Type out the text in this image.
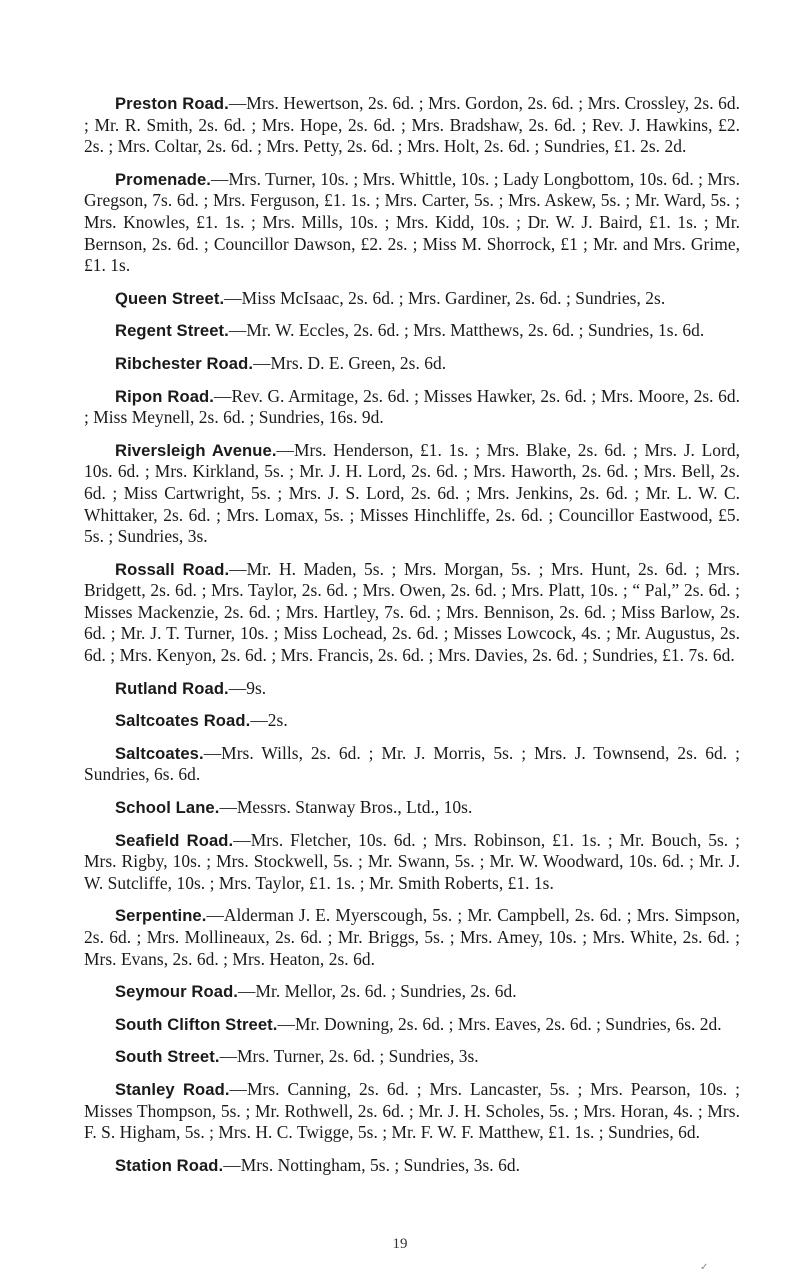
Preston Road.—Mrs. Hewertson, 2s. 6d. ; Mrs. Gordon, 2s. 6d. ; Mrs. Crossley, 2s. 6d. ; Mr. R. Smith, 2s. 6d. ; Mrs. Hope, 2s. 6d. ; Mrs. Bradshaw, 2s. 6d. ; Rev. J. Hawkins, £2. 2s. ; Mrs. Coltar, 2s. 6d. ; Mrs. Petty, 2s. 6d. ; Mrs. Holt, 2s. 6d. ; Sundries, £1. 2s. 2d.

Promenade.—Mrs. Turner, 10s. ; Mrs. Whittle, 10s. ; Lady Longbottom, 10s. 6d. ; Mrs. Gregson, 7s. 6d. ; Mrs. Ferguson, £1. 1s. ; Mrs. Carter, 5s. ; Mrs. Askew, 5s. ; Mr. Ward, 5s. ; Mrs. Knowles, £1. 1s. ; Mrs. Mills, 10s. ; Mrs. Kidd, 10s. ; Dr. W. J. Baird, £1. 1s. ; Mr. Bernson, 2s. 6d. ; Councillor Dawson, £2. 2s. ; Miss M. Shorrock, £1 ; Mr. and Mrs. Grime, £1. 1s.

Queen Street.—Miss McIsaac, 2s. 6d. ; Mrs. Gardiner, 2s. 6d. ; Sundries, 2s.

Regent Street.—Mr. W. Eccles, 2s. 6d. ; Mrs. Matthews, 2s. 6d. ; Sundries, 1s. 6d.

Ribchester Road.—Mrs. D. E. Green, 2s. 6d.

Ripon Road.—Rev. G. Armitage, 2s. 6d. ; Misses Hawker, 2s. 6d. ; Mrs. Moore, 2s. 6d. ; Miss Meynell, 2s. 6d. ; Sundries, 16s. 9d.

Riversleigh Avenue.—Mrs. Henderson, £1. 1s. ; Mrs. Blake, 2s. 6d. ; Mrs. J. Lord, 10s. 6d. ; Mrs. Kirkland, 5s. ; Mr. J. H. Lord, 2s. 6d. ; Mrs. Haworth, 2s. 6d. ; Mrs. Bell, 2s. 6d. ; Miss Cartwright, 5s. ; Mrs. J. S. Lord, 2s. 6d. ; Mrs. Jenkins, 2s. 6d. ; Mr. L. W. C. Whittaker, 2s. 6d. ; Mrs. Lomax, 5s. ; Misses Hinchliffe, 2s. 6d. ; Councillor Eastwood, £5. 5s. ; Sundries, 3s.

Rossall Road.—Mr. H. Maden, 5s. ; Mrs. Morgan, 5s. ; Mrs. Hunt, 2s. 6d. ; Mrs. Bridgett, 2s. 6d. ; Mrs. Taylor, 2s. 6d. ; Mrs. Owen, 2s. 6d. ; Mrs. Platt, 10s. ; “ Pal,” 2s. 6d. ; Misses Mackenzie, 2s. 6d. ; Mrs. Hartley, 7s. 6d. ; Mrs. Bennison, 2s. 6d. ; Miss Barlow, 2s. 6d. ; Mr. J. T. Turner, 10s. ; Miss Lochead, 2s. 6d. ; Misses Lowcock, 4s. ; Mr. Augustus, 2s. 6d. ; Mrs. Kenyon, 2s. 6d. ; Mrs. Francis, 2s. 6d. ; Mrs. Davies, 2s. 6d. ; Sundries, £1. 7s. 6d.

Rutland Road.—9s.

Saltcoates Road.—2s.

Saltcoates.—Mrs. Wills, 2s. 6d. ; Mr. J. Morris, 5s. ; Mrs. J. Townsend, 2s. 6d. ; Sundries, 6s. 6d.

School Lane.—Messrs. Stanway Bros., Ltd., 10s.

Seafield Road.—Mrs. Fletcher, 10s. 6d. ; Mrs. Robinson, £1. 1s. ; Mr. Bouch, 5s. ; Mrs. Rigby, 10s. ; Mrs. Stockwell, 5s. ; Mr. Swann, 5s. ; Mr. W. Woodward, 10s. 6d. ; Mr. J. W. Sutcliffe, 10s. ; Mrs. Taylor, £1. 1s. ; Mr. Smith Roberts, £1. 1s.

Serpentine.—Alderman J. E. Myerscough, 5s. ; Mr. Campbell, 2s. 6d. ; Mrs. Simpson, 2s. 6d. ; Mrs. Mollineaux, 2s. 6d. ; Mr. Briggs, 5s. ; Mrs. Amey, 10s. ; Mrs. White, 2s. 6d. ; Mrs. Evans, 2s. 6d. ; Mrs. Heaton, 2s. 6d.

Seymour Road.—Mr. Mellor, 2s. 6d. ; Sundries, 2s. 6d.

South Clifton Street.—Mr. Downing, 2s. 6d. ; Mrs. Eaves, 2s. 6d. ; Sundries, 6s. 2d.

South Street.—Mrs. Turner, 2s. 6d. ; Sundries, 3s.

Stanley Road.—Mrs. Canning, 2s. 6d. ; Mrs. Lancaster, 5s. ; Mrs. Pearson, 10s. ; Misses Thompson, 5s. ; Mr. Rothwell, 2s. 6d. ; Mr. J. H. Scholes, 5s. ; Mrs. Horan, 4s. ; Mrs. F. S. Higham, 5s. ; Mrs. H. C. Twigge, 5s. ; Mr. F. W. F. Matthew, £1. 1s. ; Sundries, 6d.

Station Road.—Mrs. Nottingham, 5s. ; Sundries, 3s. 6d.

19
✓
